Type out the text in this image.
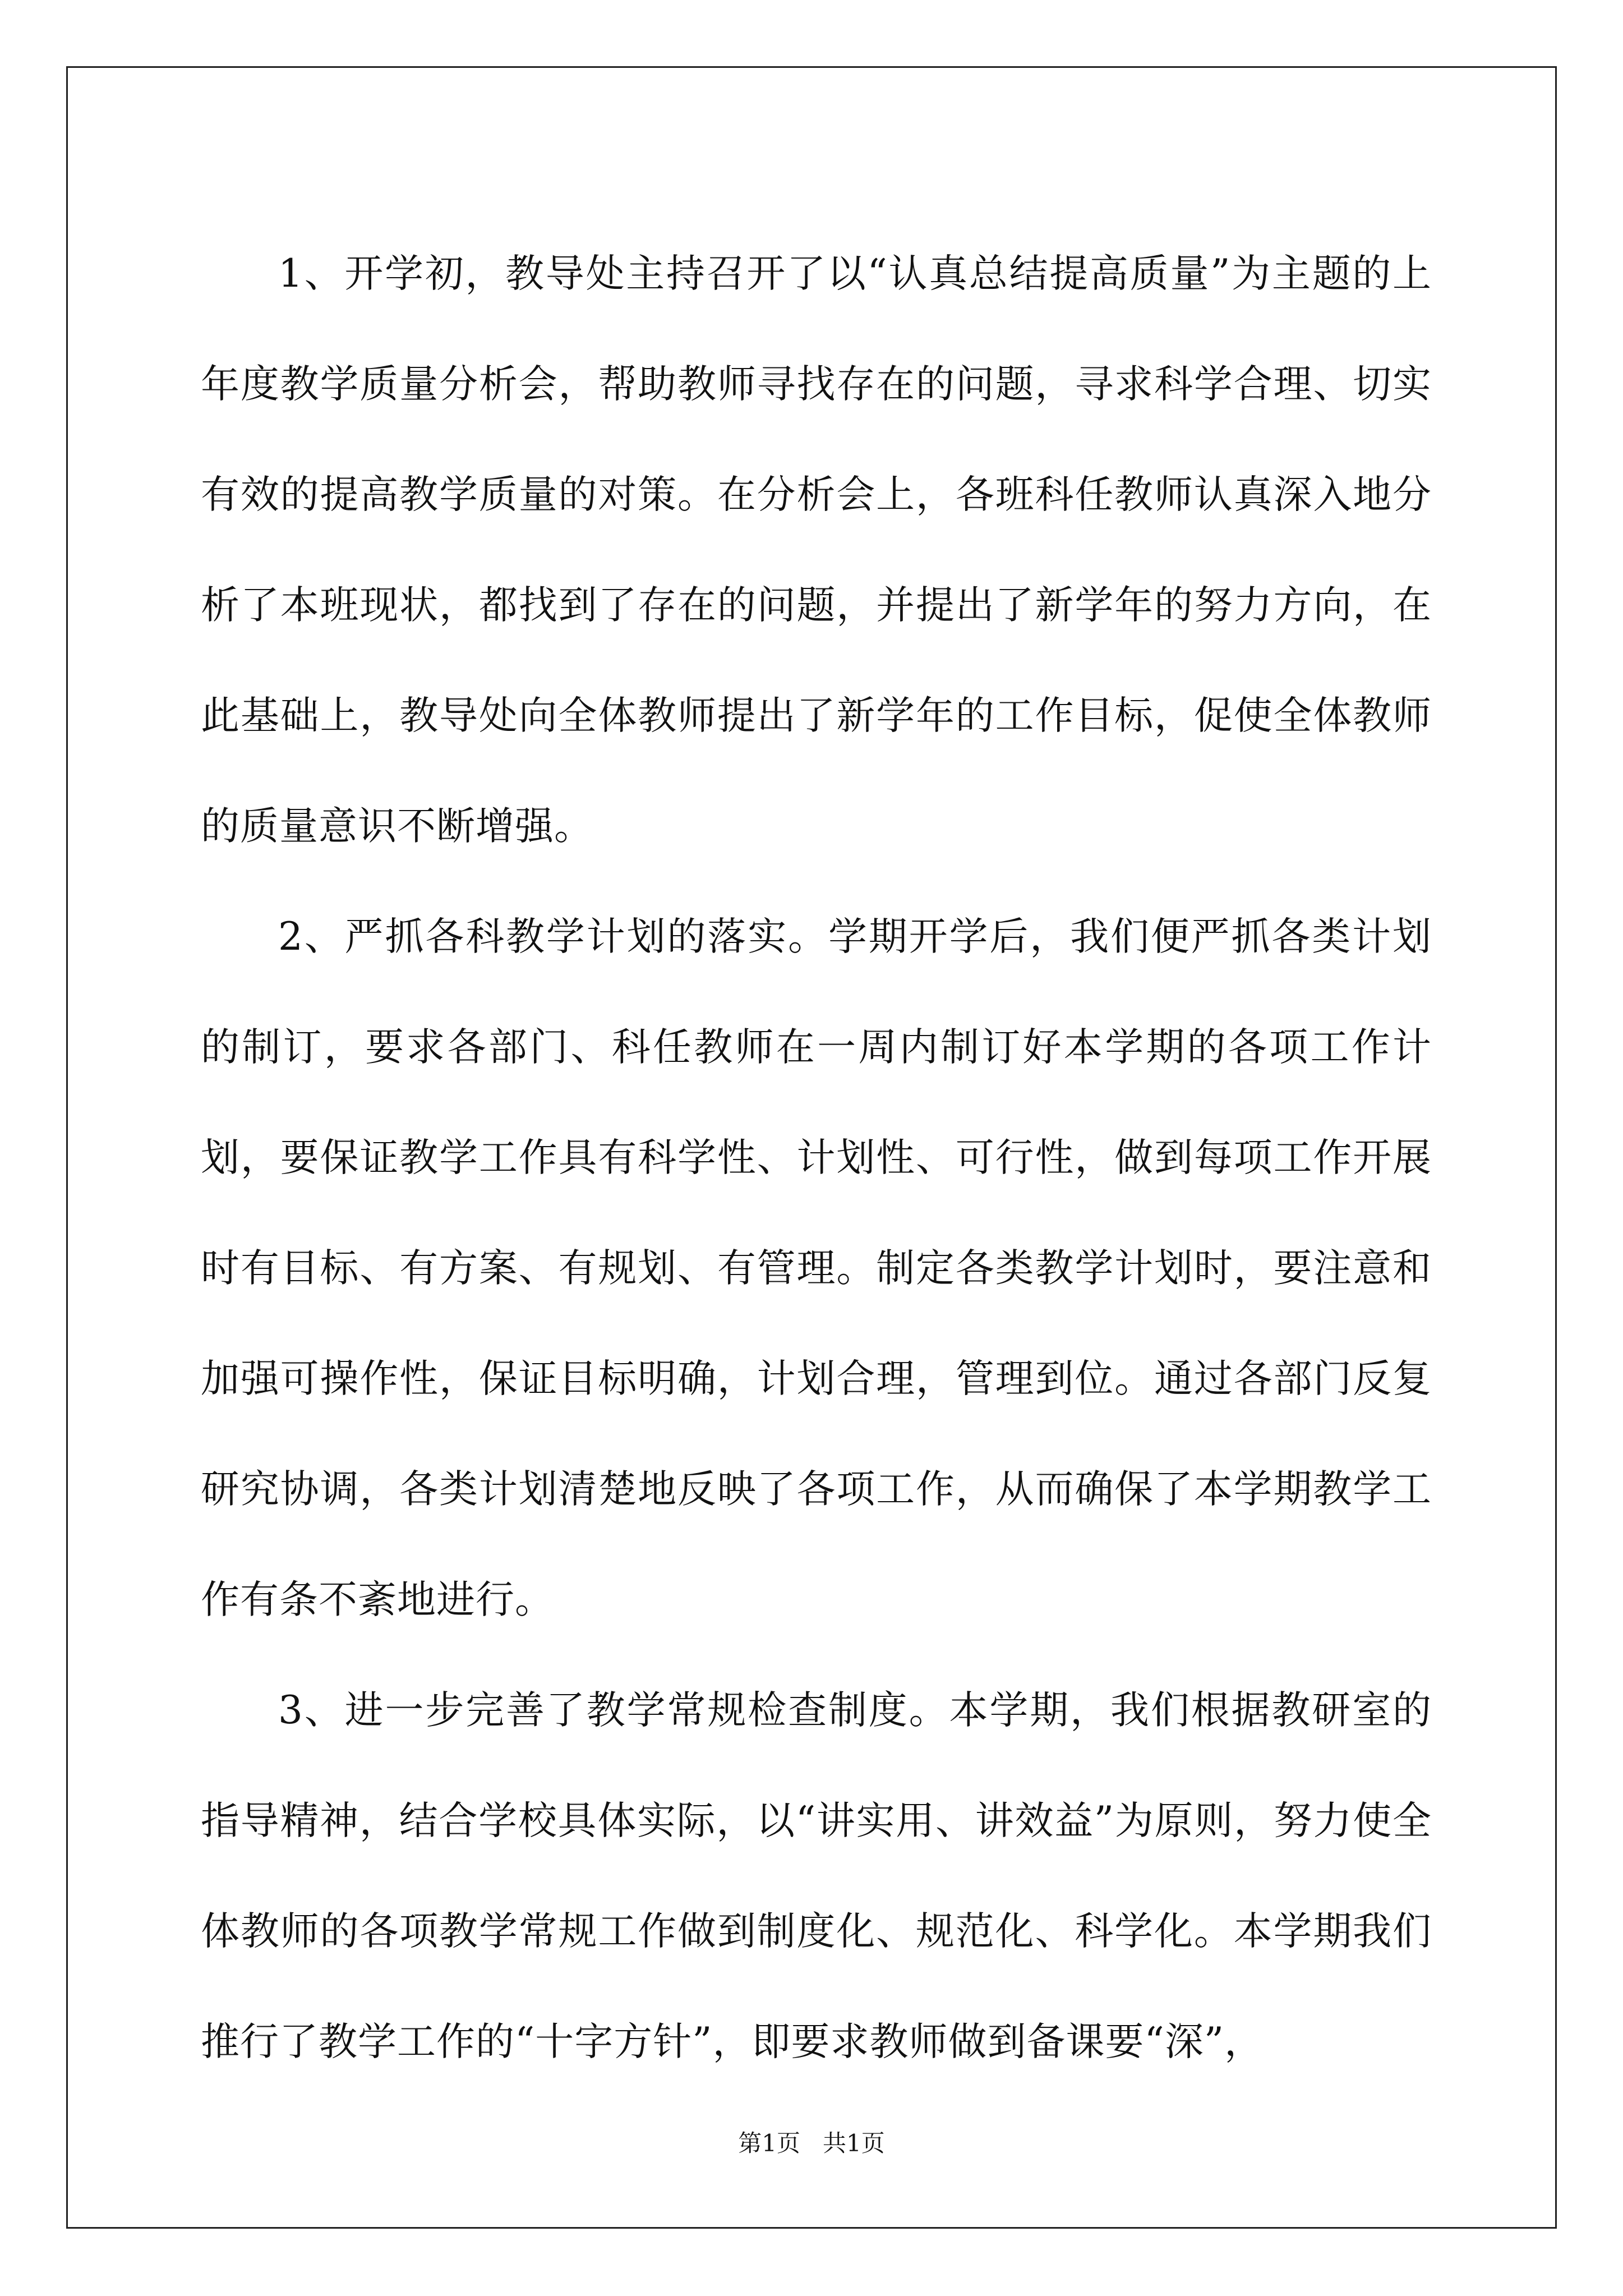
1、开学初，教导处主持召开了以“认真总结提高质量”为主题的上年度教学质量分析会，帮助教师寻找存在的问题，寻求科学合理、切实有效的提高教学质量的对策。在分析会上，各班科任教师认真深入地分析了本班现状，都找到了存在的问题，并提出了新学年的努力方向，在此基础上，教导处向全体教师提出了新学年的工作目标，促使全体教师的质量意识不断增强。

2、严抓各科教学计划的落实。学期开学后，我们便严抓各类计划的制订，要求各部门、科任教师在一周内制订好本学期的各项工作计划，要保证教学工作具有科学性、计划性、可行性，做到每项工作开展时有目标、有方案、有规划、有管理。制定各类教学计划时，要注意和加强可操作性，保证目标明确，计划合理，管理到位。通过各部门反复研究协调，各类计划清楚地反映了各项工作，从而确保了本学期教学工作有条不紊地进行。

3、进一步完善了教学常规检查制度。本学期，我们根据教研室的指导精神，结合学校具体实际，以“讲实用、讲效益”为原则，努力使全体教师的各项教学常规工作做到制度化、规范化、科学化。本学期我们推行了教学工作的“十字方针”，即要求教师做到备课要“深”，

第1页 共1页
